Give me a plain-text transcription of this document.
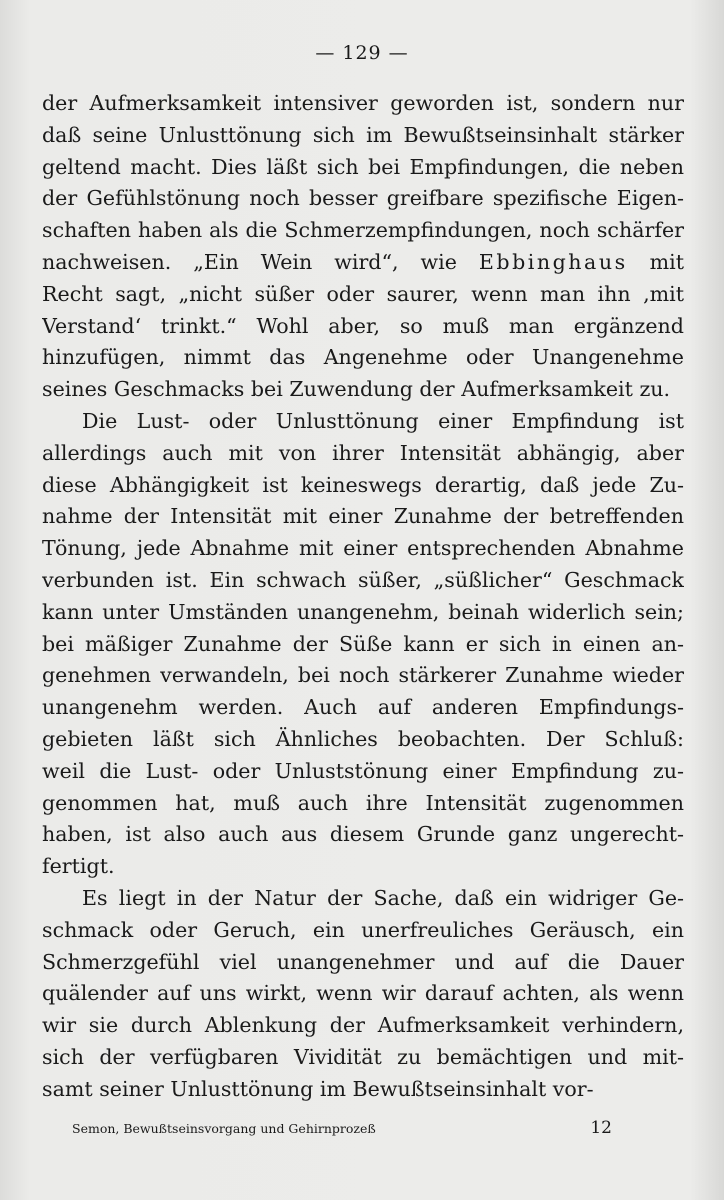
— 129 —
der Aufmerksamkeit intensiver geworden ist, sondern nur
daß seine Unlusttönung sich im Bewußtseinsinhalt stärker
geltend macht. Dies läßt sich bei Empfindungen, die neben
der Gefühlstönung noch besser greifbare spezifische Eigen-
schaften haben als die Schmerzempfindungen, noch schärfer
nachweisen. „Ein Wein wird“, wie Ebbinghaus mit
Recht sagt, „nicht süßer oder saurer, wenn man ihn ‚mit
Verstand‘ trinkt.“ Wohl aber, so muß man ergänzend
hinzufügen, nimmt das Angenehme oder Unangenehme
seines Geschmacks bei Zuwendung der Aufmerksamkeit zu.
Die Lust- oder Unlusttönung einer Empfindung ist
allerdings auch mit von ihrer Intensität abhängig, aber
diese Abhängigkeit ist keineswegs derartig, daß jede Zu-
nahme der Intensität mit einer Zunahme der betreffenden
Tönung, jede Abnahme mit einer entsprechenden Abnahme
verbunden ist. Ein schwach süßer, „süßlicher“ Geschmack
kann unter Umständen unangenehm, beinah widerlich sein;
bei mäßiger Zunahme der Süße kann er sich in einen an-
genehmen verwandeln, bei noch stärkerer Zunahme wieder
unangenehm werden. Auch auf anderen Empfindungs-
gebieten läßt sich Ähnliches beobachten. Der Schluß:
weil die Lust- oder Unluststönung einer Empfindung zu-
genommen hat, muß auch ihre Intensität zugenommen
haben, ist also auch aus diesem Grunde ganz ungerecht-
fertigt.
Es liegt in der Natur der Sache, daß ein widriger Ge-
schmack oder Geruch, ein unerfreuliches Geräusch, ein
Schmerzgefühl viel unangenehmer und auf die Dauer
quälender auf uns wirkt, wenn wir darauf achten, als wenn
wir sie durch Ablenkung der Aufmerksamkeit verhindern,
sich der verfügbaren Vividität zu bemächtigen und mit-
samt seiner Unlusttönung im Bewußtseinsinhalt vor-
Semon, Bewußtseinsvorgang und Gehirnprozeß	12
